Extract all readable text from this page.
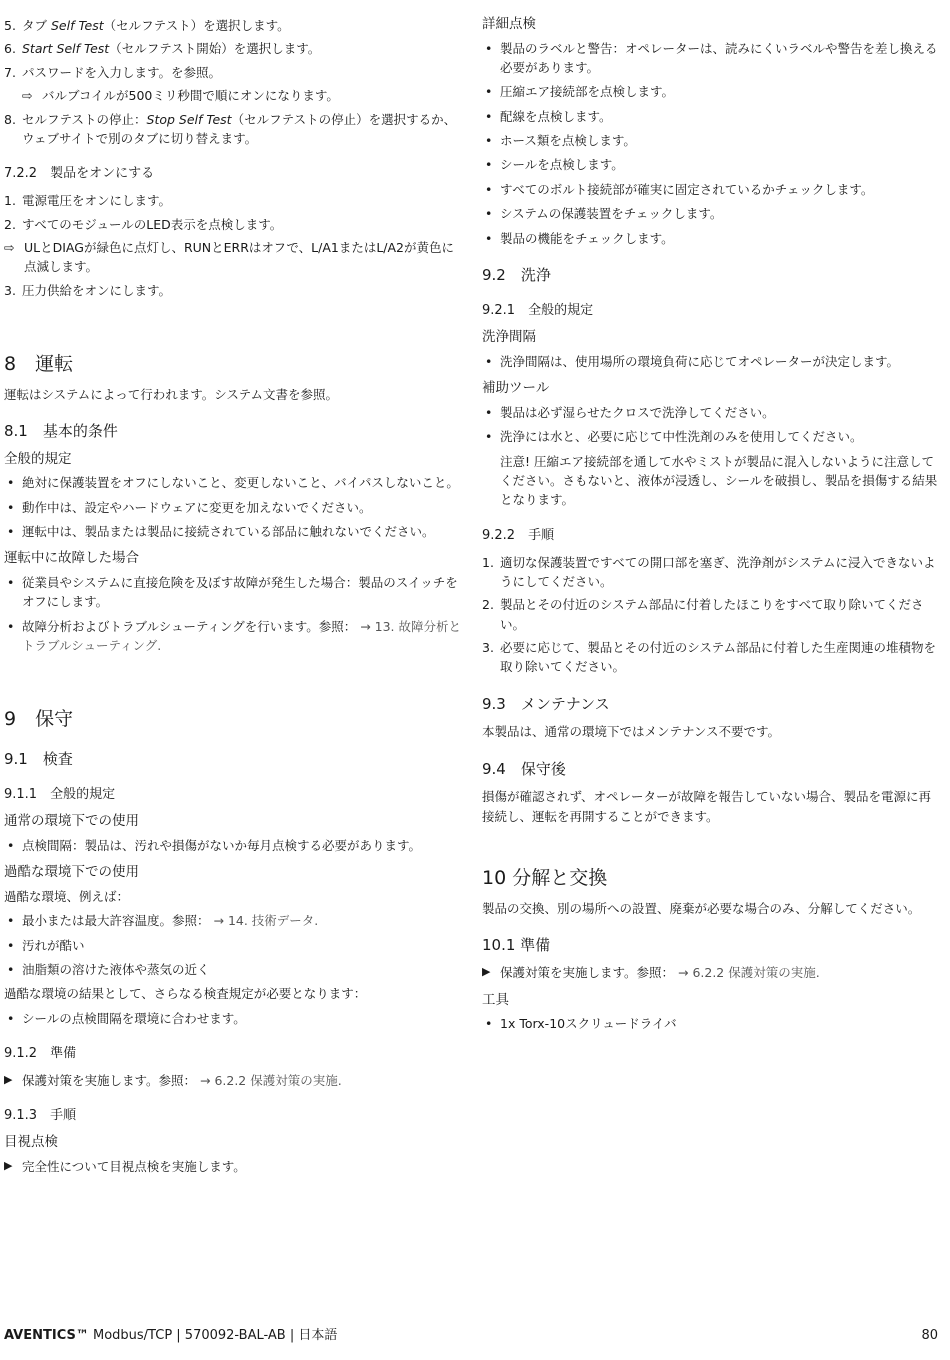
5. タブ Self Test（セルフテスト）を選択します。
6. Start Self Test（セルフテスト開始）を選択します。
7. パスワードを入力します。を参照。
⇨ バルブコイルが500ミリ秒間で順にオンになります。
8. セルフテストの停止：Stop Self Test（セルフテストの停止）を選択するか、ウェブサイトで別のタブに切り替えます。
7.2.2　製品をオンにする
1. 電源電圧をオンにします。
2. すべてのモジュールのLED表示を点検します。
⇨ ULとDIAGが緑色に点灯し、RUNとERRはオフで、L/A1またはL/A2が黄色に点滅します。
3. 圧力供給をオンにします。
8　運転

運転はシステムによって行われます。システム文書を参照。

8.1　基本的条件
全般的規定
• 絶対に保護装置をオフにしないこと、変更しないこと、バイパスしないこと。
• 動作中は、設定やハードウェアに変更を加えないでください。
• 運転中は、製品または製品に接続されている部品に触れないでください。
運転中に故障した場合
• 従業員やシステムに直接危険を及ぼす故障が発生した場合：製品のスイッチをオフにします。
• 故障分析およびトラブルシューティングを行います。参照： → 13. 故障分析とトラブルシューティング.
9　保守
9.1　検査
9.1.1　全般的規定
通常の環境下での使用
• 点検間隔：製品は、汚れや損傷がないか毎月点検する必要があります。
過酷な環境下での使用

過酷な環境、例えば：

• 最小または最大許容温度。参照： → 14. 技術データ.
• 汚れが酷い
• 油脂類の溶けた液体や蒸気の近く

過酷な環境の結果として、さらなる検査規定が必要となります：

• シールの点検間隔を環境に合わせます。
9.1.2　準備
▶ 保護対策を実施します。参照： → 6.2.2 保護対策の実施.
9.1.3　手順
目視点検
▶ 完全性について目視点検を実施します。
詳細点検
• 製品のラベルと警告：オペレーターは、読みにくいラベルや警告を差し換える必要があります。
• 圧縮エア接続部を点検します。
• 配線を点検します。
• ホース類を点検します。
• シールを点検します。
• すべてのボルト接続部が確実に固定されているかチェックします。
• システムの保護装置をチェックします。
• 製品の機能をチェックします。
9.2　洗浄
9.2.1　全般的規定
洗浄間隔
• 洗浄間隔は、使用場所の環境負荷に応じてオペレーターが決定します。
補助ツール
• 製品は必ず湿らせたクロスで洗浄してください。
• 洗浄には水と、必要に応じて中性洗剤のみを使用してください。

注意! 圧縮エア接続部を通して水やミストが製品に混入しないように注意してください。さもないと、液体が浸透し、シールを破損し、製品を損傷する結果となります。

9.2.2　手順
1. 適切な保護装置ですべての開口部を塞ぎ、洗浄剤がシステムに浸入できないようにしてください。
2. 製品とその付近のシステム部品に付着したほこりをすべて取り除いてください。
3. 必要に応じて、製品とその付近のシステム部品に付着した生産関連の堆積物を取り除いてください。
9.3　メンテナンス

本製品は、通常の環境下ではメンテナンス不要です。

9.4　保守後

損傷が確認されず、オペレーターが故障を報告していない場合、製品を電源に再接続し、運転を再開することができます。

10 分解と交換

製品の交換、別の場所への設置、廃棄が必要な場合のみ、分解してください。

10.1 準備
▶ 保護対策を実施します。参照： → 6.2.2 保護対策の実施.
工具
• 1x Torx-10スクリュードライバ
AVENTICS™ Modbus/TCP | 570092-BAL-AB | 日本語	80
